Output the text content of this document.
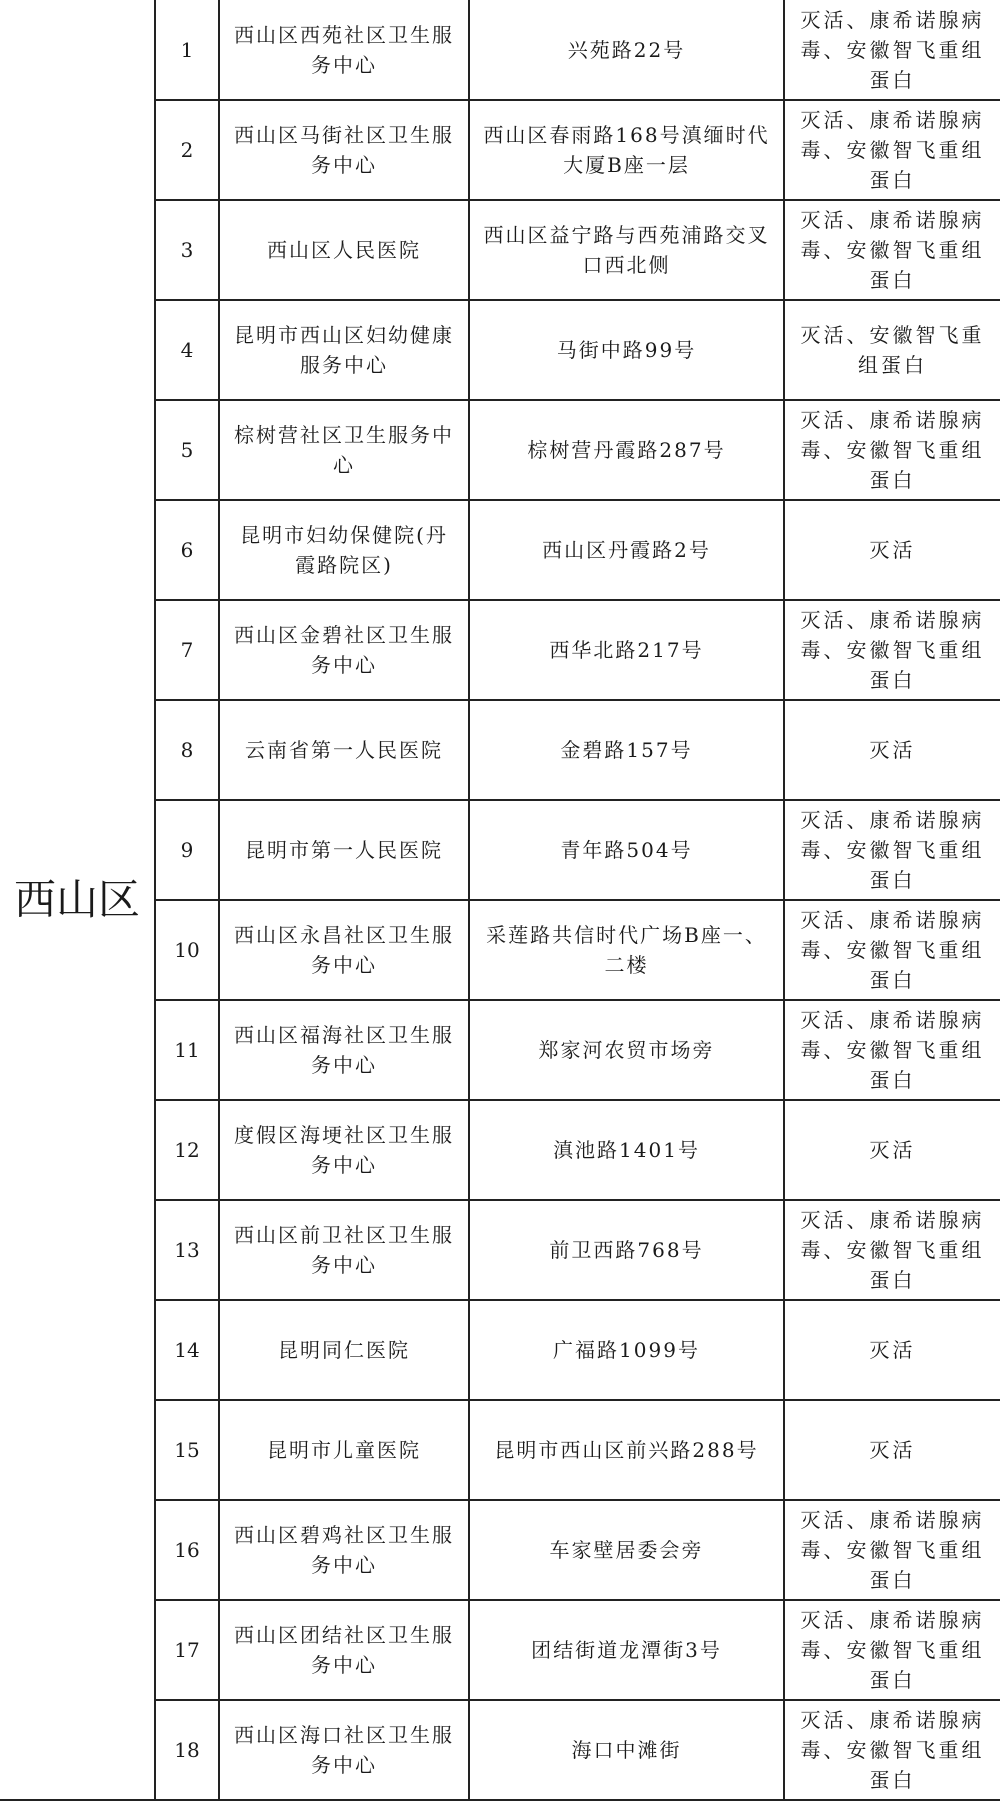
西山区	1	西山区西苑社区卫生服务中心	兴苑路22号	灭活、康希诺腺病毒、安徽智飞重组蛋白
	2	西山区马街社区卫生服务中心	西山区春雨路168号滇缅时代大厦B座一层	灭活、康希诺腺病毒、安徽智飞重组蛋白
	3	西山区人民医院	西山区益宁路与西苑浦路交叉口西北侧	灭活、康希诺腺病毒、安徽智飞重组蛋白
	4	昆明市西山区妇幼健康服务中心	马街中路99号	灭活、安徽智飞重组蛋白
	5	棕树营社区卫生服务中心	棕树营丹霞路287号	灭活、康希诺腺病毒、安徽智飞重组蛋白
	6	昆明市妇幼保健院(丹霞路院区)	西山区丹霞路2号	灭活
	7	西山区金碧社区卫生服务中心	西华北路217号	灭活、康希诺腺病毒、安徽智飞重组蛋白
	8	云南省第一人民医院	金碧路157号	灭活
	9	昆明市第一人民医院	青年路504号	灭活、康希诺腺病毒、安徽智飞重组蛋白
	10	西山区永昌社区卫生服务中心	采莲路共信时代广场B座一、二楼	灭活、康希诺腺病毒、安徽智飞重组蛋白
	11	西山区福海社区卫生服务中心	郑家河农贸市场旁	灭活、康希诺腺病毒、安徽智飞重组蛋白
	12	度假区海埂社区卫生服务中心	滇池路1401号	灭活
	13	西山区前卫社区卫生服务中心	前卫西路768号	灭活、康希诺腺病毒、安徽智飞重组蛋白
	14	昆明同仁医院	广福路1099号	灭活
	15	昆明市儿童医院	昆明市西山区前兴路288号	灭活
	16	西山区碧鸡社区卫生服务中心	车家壁居委会旁	灭活、康希诺腺病毒、安徽智飞重组蛋白
	17	西山区团结社区卫生服务中心	团结街道龙潭街3号	灭活、康希诺腺病毒、安徽智飞重组蛋白
	18	西山区海口社区卫生服务中心	海口中滩街	灭活、康希诺腺病毒、安徽智飞重组蛋白
